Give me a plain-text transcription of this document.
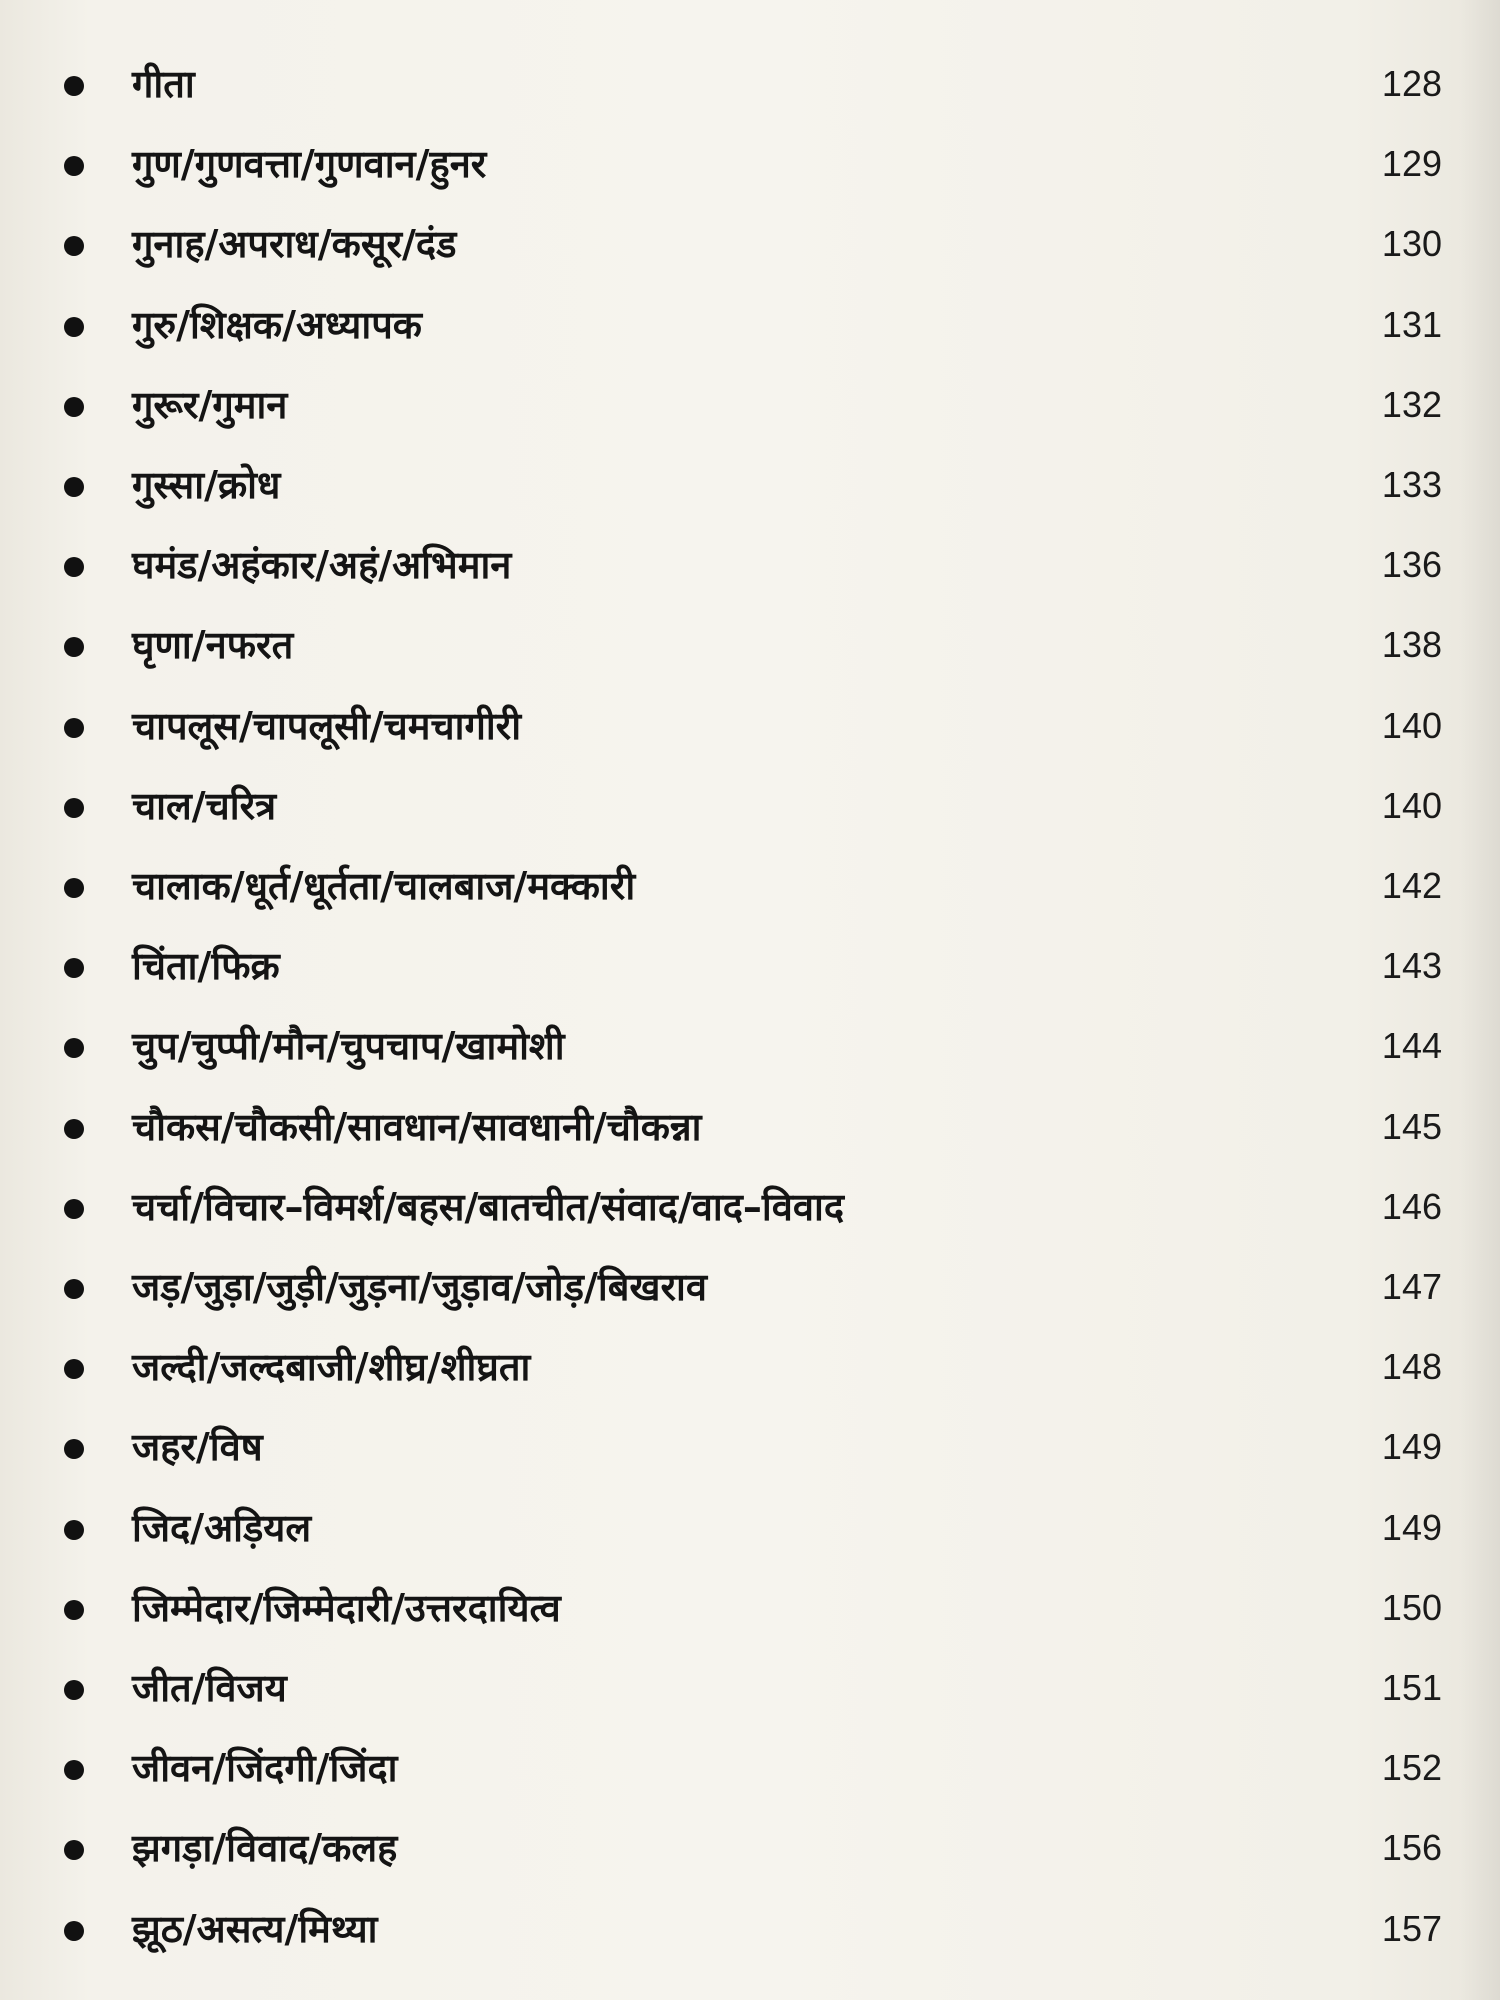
गीता	128
गुण/गुणवत्ता/गुणवान/हुनर	129
गुनाह/अपराध/कसूर/दंड	130
गुरु/शिक्षक/अध्यापक	131
गुरूर/गुमान	132
गुस्सा/क्रोध	133
घमंड/अहंकार/अहं/अभिमान	136
घृणा/नफरत	138
चापलूस/चापलूसी/चमचागीरी	140
चाल/चरित्र	140
चालाक/धूर्त/धूर्तता/चालबाज/मक्कारी	142
चिंता/फिक्र	143
चुप/चुप्पी/मौन/चुपचाप/खामोशी	144
चौकस/चौकसी/सावधान/सावधानी/चौकन्ना	145
चर्चा/विचार–विमर्श/बहस/बातचीत/संवाद/वाद–विवाद	146
जड़/जुड़ा/जुड़ी/जुड़ना/जुड़ाव/जोड़/बिखराव	147
जल्दी/जल्दबाजी/शीघ्र/शीघ्रता	148
जहर/विष	149
जिद/अड़ियल	149
जिम्मेदार/जिम्मेदारी/उत्तरदायित्व	150
जीत/विजय	151
जीवन/जिंदगी/जिंदा	152
झगड़ा/विवाद/कलह	156
झूठ/असत्य/मिथ्या	157
